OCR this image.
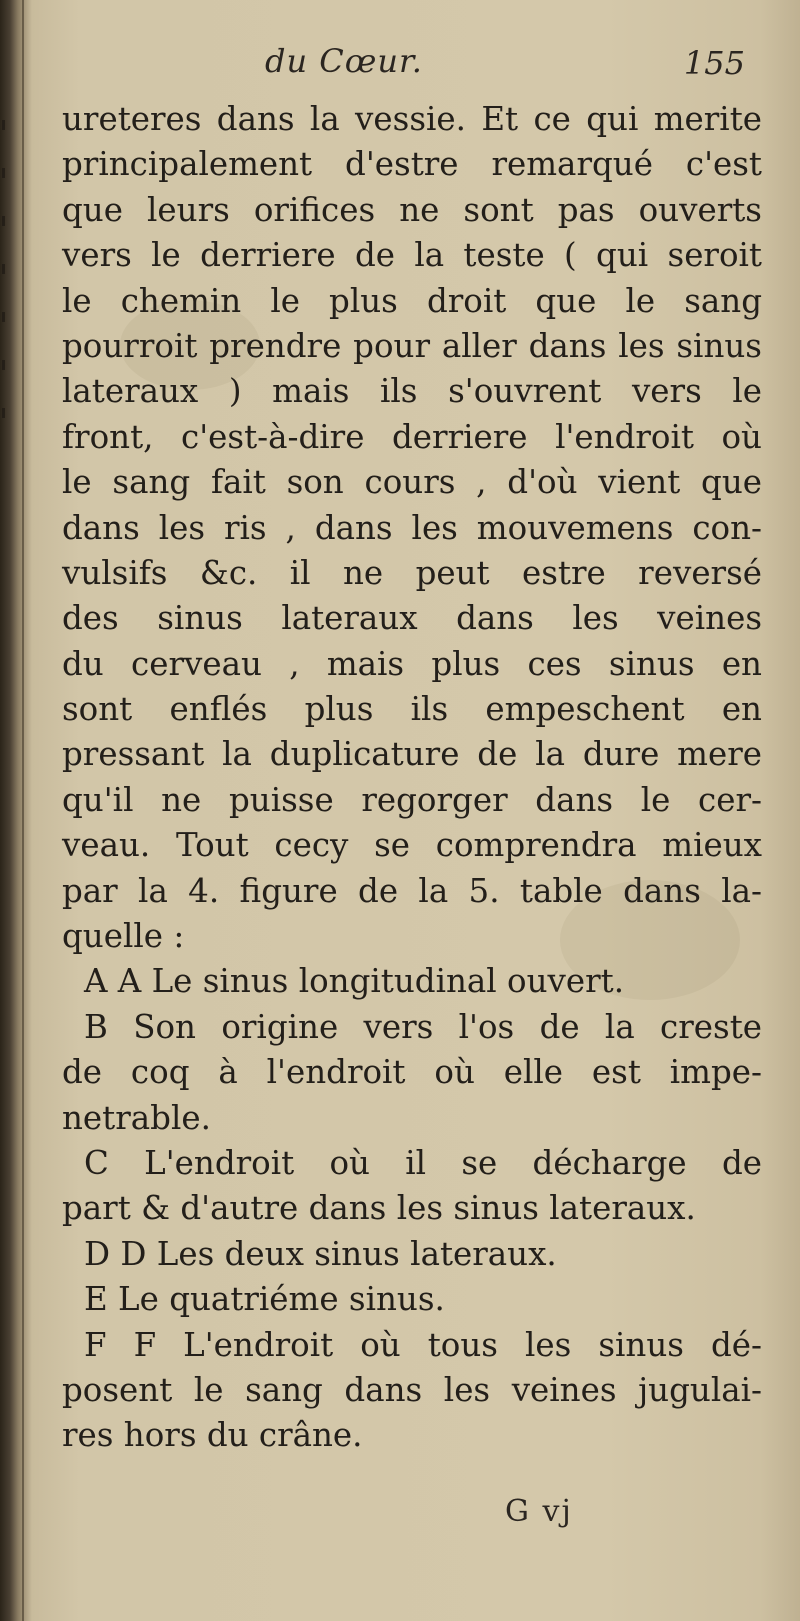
du Cœur.	155
ureteres dans la vessie. Et ce qui merite
principalement d'estre remarqué c'est
que leurs orifices ne sont pas ouverts
vers le derriere de la teste ( qui seroit
le chemin le plus droit que le sang
pourroit prendre pour aller dans les sinus
lateraux ) mais ils s'ouvrent vers le
front, c'est-à-dire derriere l'endroit où
le sang fait son cours , d'où vient que
dans les ris , dans les mouvemens con-
vulsifs &c. il ne peut estre reversé
des sinus lateraux dans les veines
du cerveau , mais plus ces sinus en
sont enflés plus ils empeschent en
pressant la duplicature de la dure mere
qu'il ne puisse regorger dans le cer-
veau. Tout cecy se comprendra mieux
par la 4. figure de la 5. table dans la-
quelle :
A A Le sinus longitudinal ouvert.
B Son origine vers l'os de la creste
de coq à l'endroit où elle est impe-
netrable.
C L'endroit où il se décharge de
part & d'autre dans les sinus lateraux.
D D Les deux sinus lateraux.
E Le quatriéme sinus.
F F L'endroit où tous les sinus dé-
posent le sang dans les veines jugulai-
res hors du crâne.
G vj
